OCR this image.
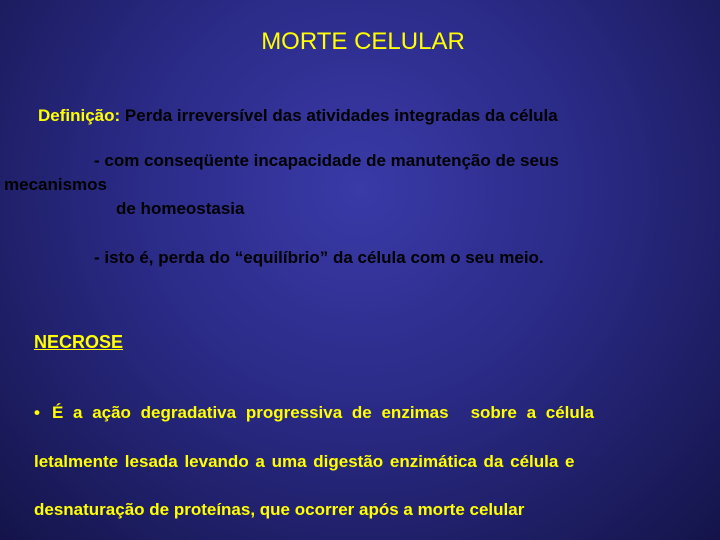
MORTE CELULAR
Definição: Perda irreversível das atividades integradas da célula
- com conseqüente incapacidade de manutenção de seus
mecanismos
de homeostasia
- isto é, perda do “equilíbrio” da célula com o seu meio.
NECROSE
• É a ação degradativa progressiva de enzimas sobre a célula
letalmente lesada levando a uma digestão enzimática da célula e
desnaturação de proteínas, que ocorrer após a morte celular
